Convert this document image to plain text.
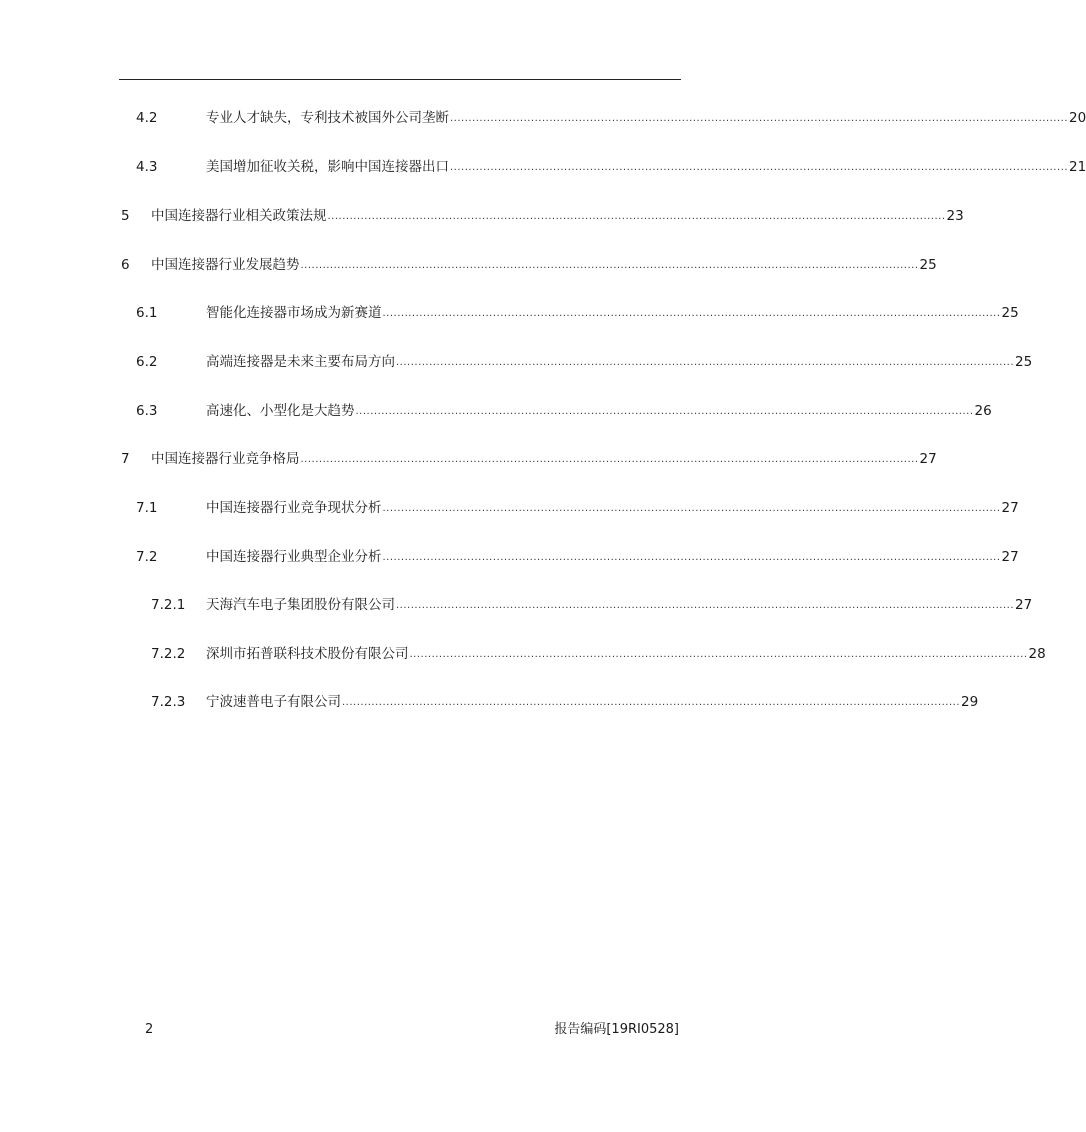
4.2	专业人才缺失，专利技术被国外公司垄断 ........................................................................................................................................................................ 20
4.3	美国增加征收关税，影响中国连接器出口 ........................................................................................................................................................................ 21
5 中国连接器行业相关政策法规 ........................................................................................................................................................................ 23
6 中国连接器行业发展趋势 ........................................................................................................................................................................ 25
6.1	智能化连接器市场成为新赛道 ........................................................................................................................................................................ 25
6.2	高端连接器是未来主要布局方向 ........................................................................................................................................................................ 25
6.3	高速化、小型化是大趋势 ........................................................................................................................................................................ 26
7 中国连接器行业竞争格局 ........................................................................................................................................................................ 27
7.1	中国连接器行业竞争现状分析 ........................................................................................................................................................................ 27
7.2	中国连接器行业典型企业分析 ........................................................................................................................................................................ 27
7.2.1 天海汽车电子集团股份有限公司 ........................................................................................................................................................................ 27
7.2.2 深圳市拓普联科技术股份有限公司 ........................................................................................................................................................................ 28
7.2.3 宁波速普电子有限公司 ........................................................................................................................................................................ 29
2	报告编码[19RI0528]
